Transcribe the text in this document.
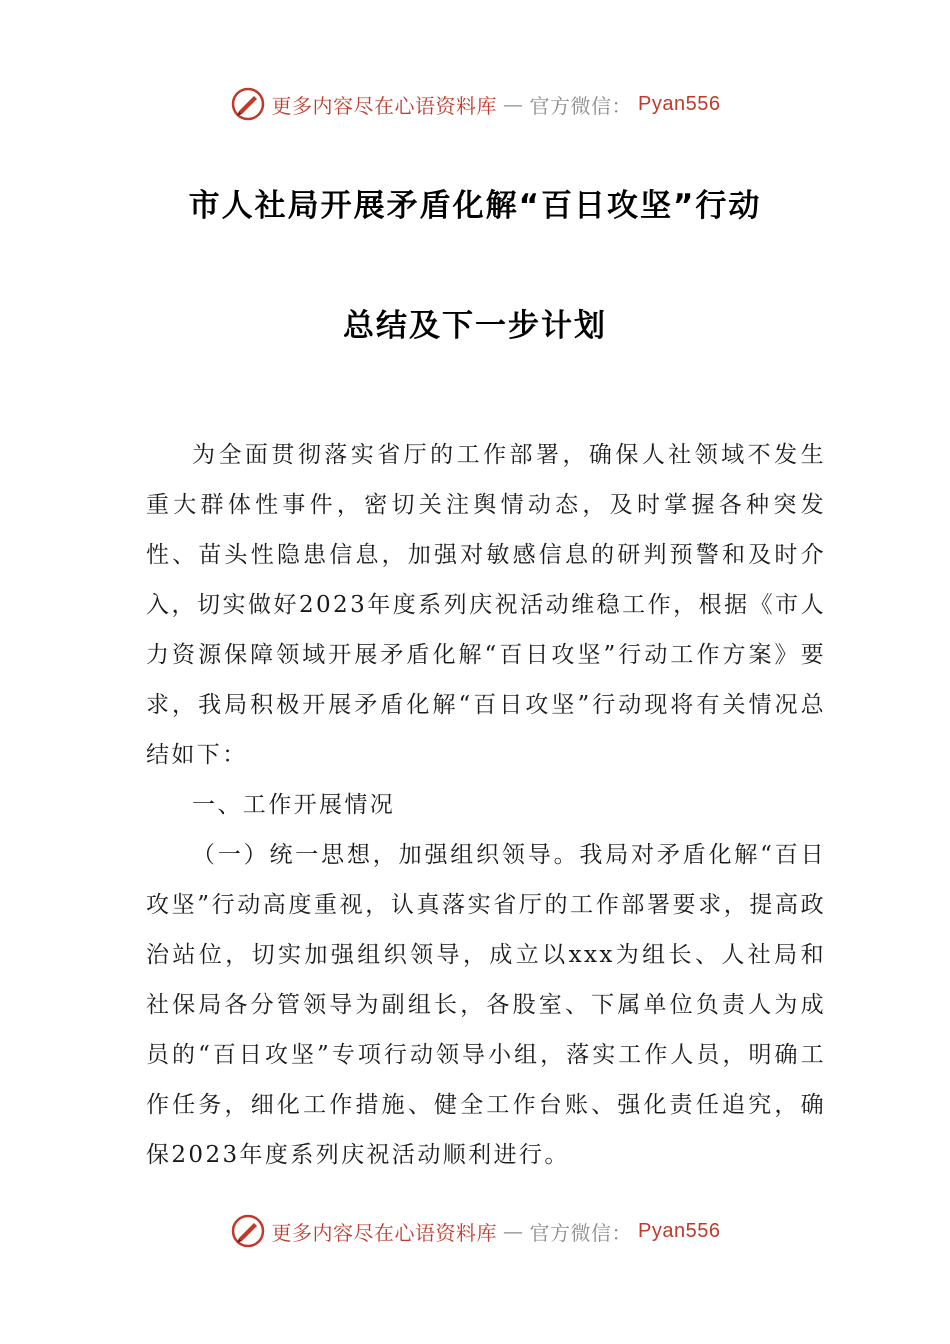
更多内容尽在心语资料库 — 官方微信： Pyan556
市人社局开展矛盾化解“百日攻坚”行动
总结及下一步计划

为全面贯彻落实省厅的工作部署，确保人社领域不发生重大群体性事件，密切关注舆情动态，及时掌握各种突发性、苗头性隐患信息，加强对敏感信息的研判预警和及时介入，切实做好2023年度系列庆祝活动维稳工作，根据《市人力资源保障领域开展矛盾化解“百日攻坚”行动工作方案》要求，我局积极开展矛盾化解“百日攻坚”行动现将有关情况总结如下：

一、工作开展情况

（一）统一思想，加强组织领导。我局对矛盾化解“百日攻坚”行动高度重视，认真落实省厅的工作部署要求，提高政治站位，切实加强组织领导，成立以xxx为组长、人社局和社保局各分管领导为副组长，各股室、下属单位负责人为成员的“百日攻坚”专项行动领导小组，落实工作人员，明确工作任务，细化工作措施、健全工作台账、强化责任追究，确保2023年度系列庆祝活动顺利进行。

更多内容尽在心语资料库 — 官方微信： Pyan556
